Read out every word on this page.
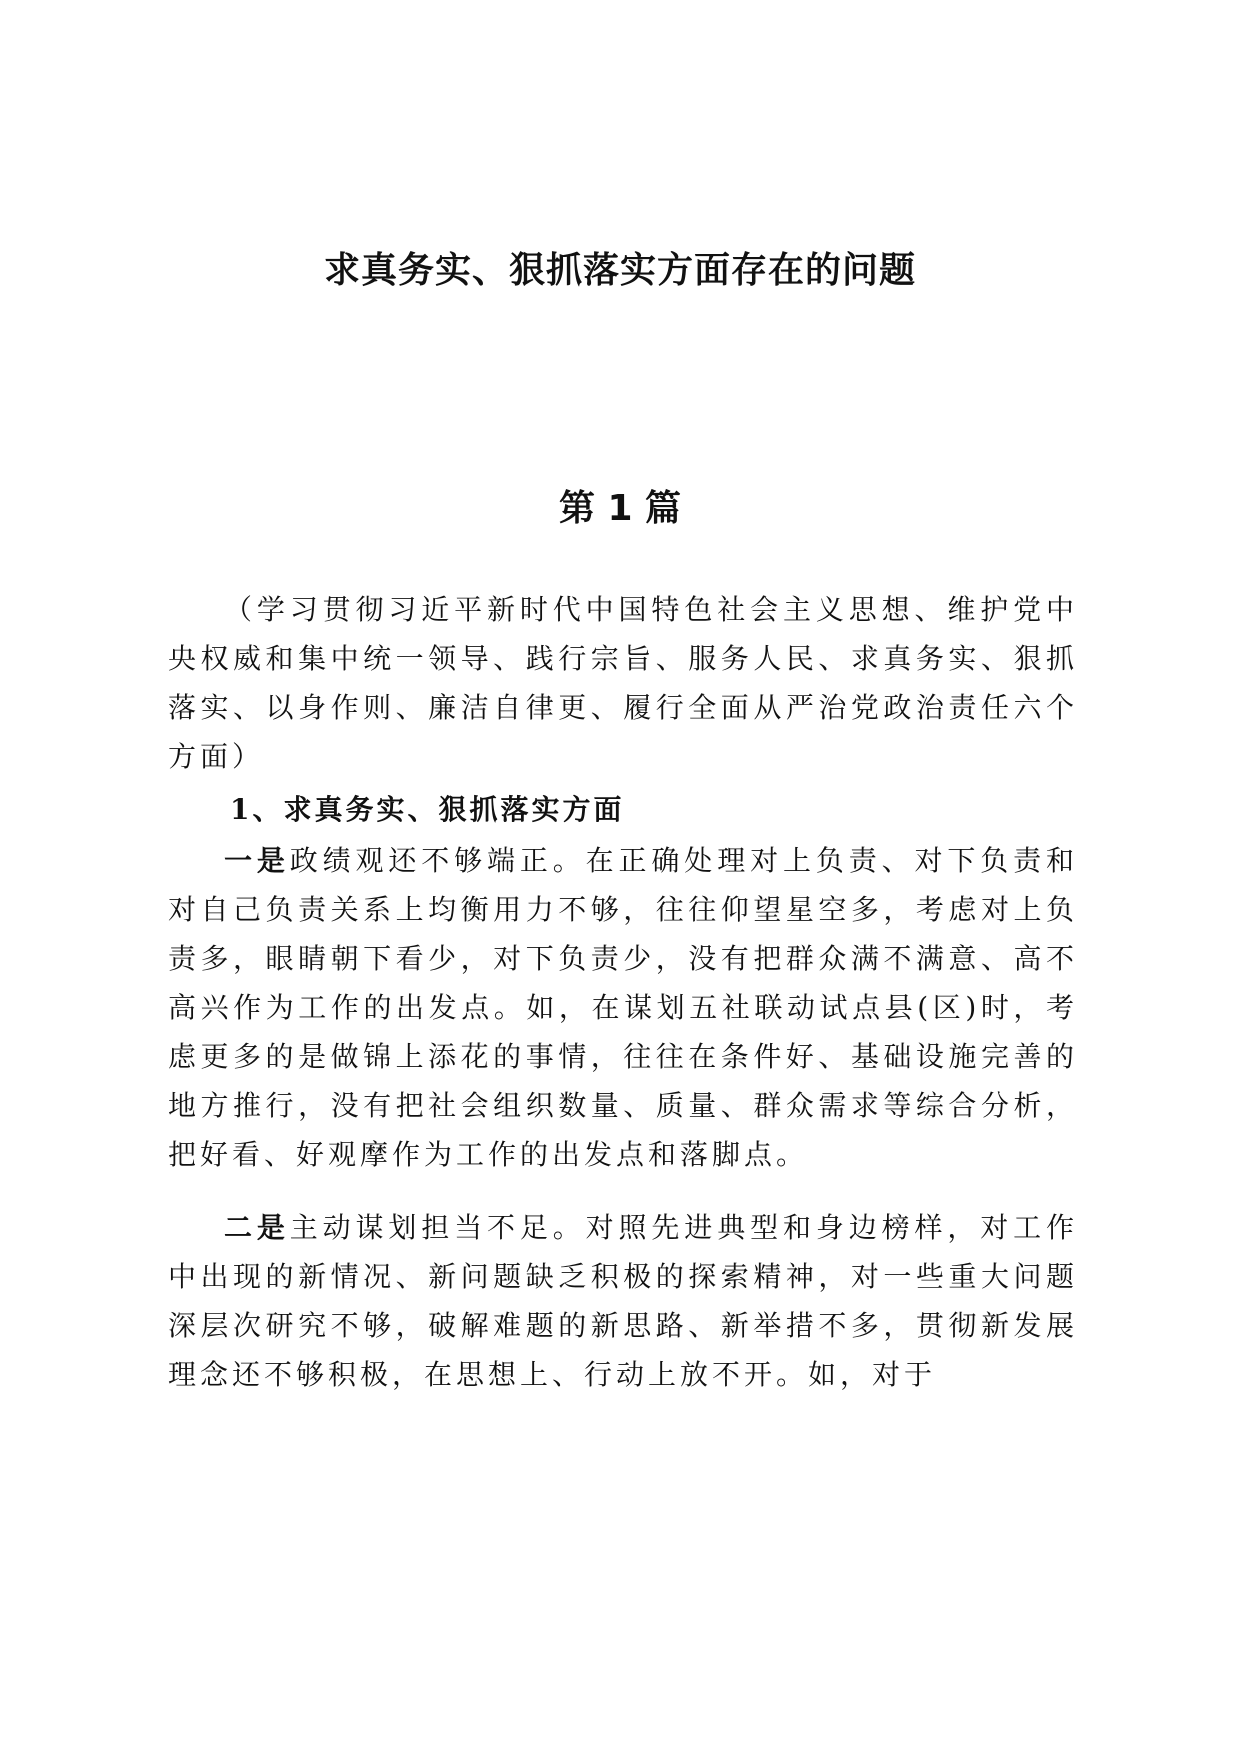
求真务实、狠抓落实方面存在的问题
第 1 篇

（学习贯彻习近平新时代中国特色社会主义思想、维护党中央权威和集中统一领导、践行宗旨、服务人民、求真务实、狠抓落实、以身作则、廉洁自律更、履行全面从严治党政治责任六个方面）

1、求真务实、狠抓落实方面

一是政绩观还不够端正。在正确处理对上负责、对下负责和对自己负责关系上均衡用力不够，往往仰望星空多，考虑对上负责多，眼睛朝下看少，对下负责少，没有把群众满不满意、高不高兴作为工作的出发点。如，在谋划五社联动试点县(区)时，考虑更多的是做锦上添花的事情，往往在条件好、基础设施完善的地方推行，没有把社会组织数量、质量、群众需求等综合分析，把好看、好观摩作为工作的出发点和落脚点。

二是主动谋划担当不足。对照先进典型和身边榜样，对工作中出现的新情况、新问题缺乏积极的探索精神，对一些重大问题深层次研究不够，破解难题的新思路、新举措不多，贯彻新发展理念还不够积极，在思想上、行动上放不开。如，对于
